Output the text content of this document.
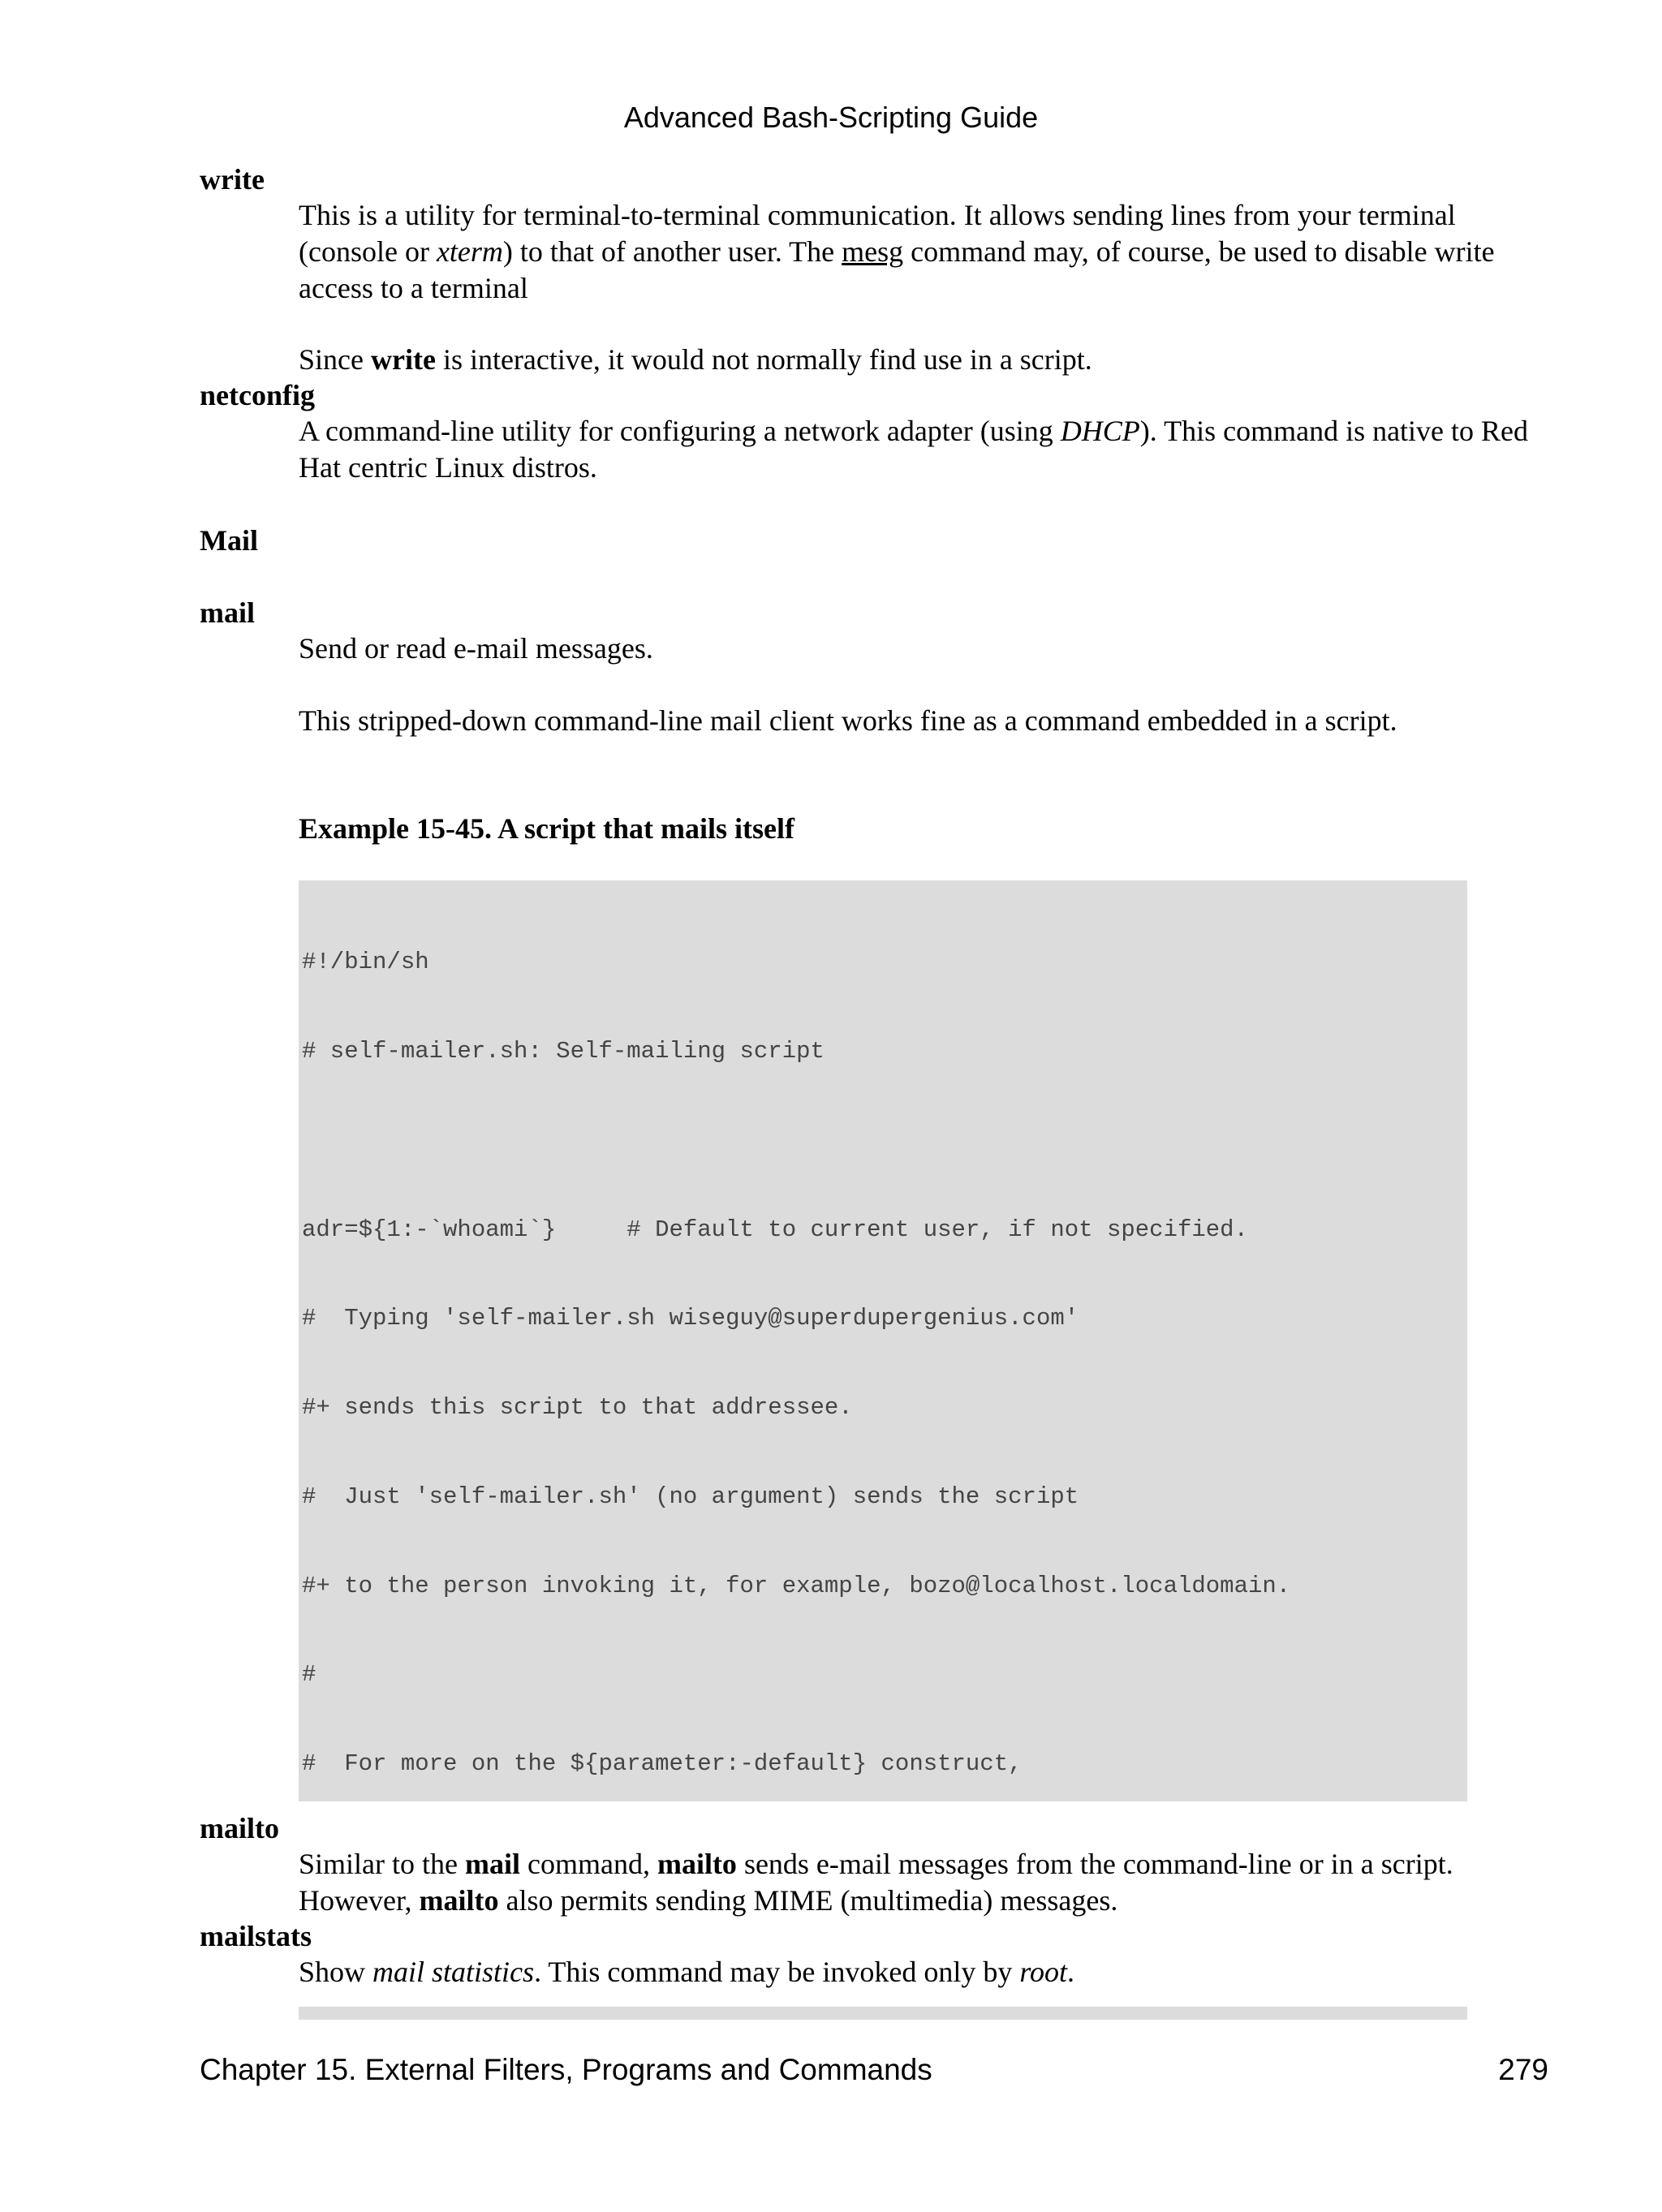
Advanced Bash-Scripting Guide
write
This is a utility for terminal-to-terminal communication. It allows sending lines from your terminal (console or xterm) to that of another user. The mesg command may, of course, be used to disable write access to a terminal
Since write is interactive, it would not normally find use in a script.
netconfig
A command-line utility for configuring a network adapter (using DHCP). This command is native to Red Hat centric Linux distros.
Mail
mail
Send or read e-mail messages.
This stripped-down command-line mail client works fine as a command embedded in a script.
Example 15-45. A script that mails itself

#!/bin/sh

# self-mailer.sh: Self-mailing script

adr=${1:-`whoami`}     # Default to current user, if not specified.

#  Typing 'self-mailer.sh wiseguy@superdupergenius.com'

#+ sends this script to that addressee.

#  Just 'self-mailer.sh' (no argument) sends the script

#+ to the person invoking it, for example, bozo@localhost.localdomain.

#

#  For more on the ${parameter:-default} construct,

mailto
Similar to the mail command, mailto sends e-mail messages from the command-line or in a script. However, mailto also permits sending MIME (multimedia) messages.
mailstats
Show mail statistics. This command may be invoked only by root.
Chapter 15. External Filters, Programs and Commands	279
